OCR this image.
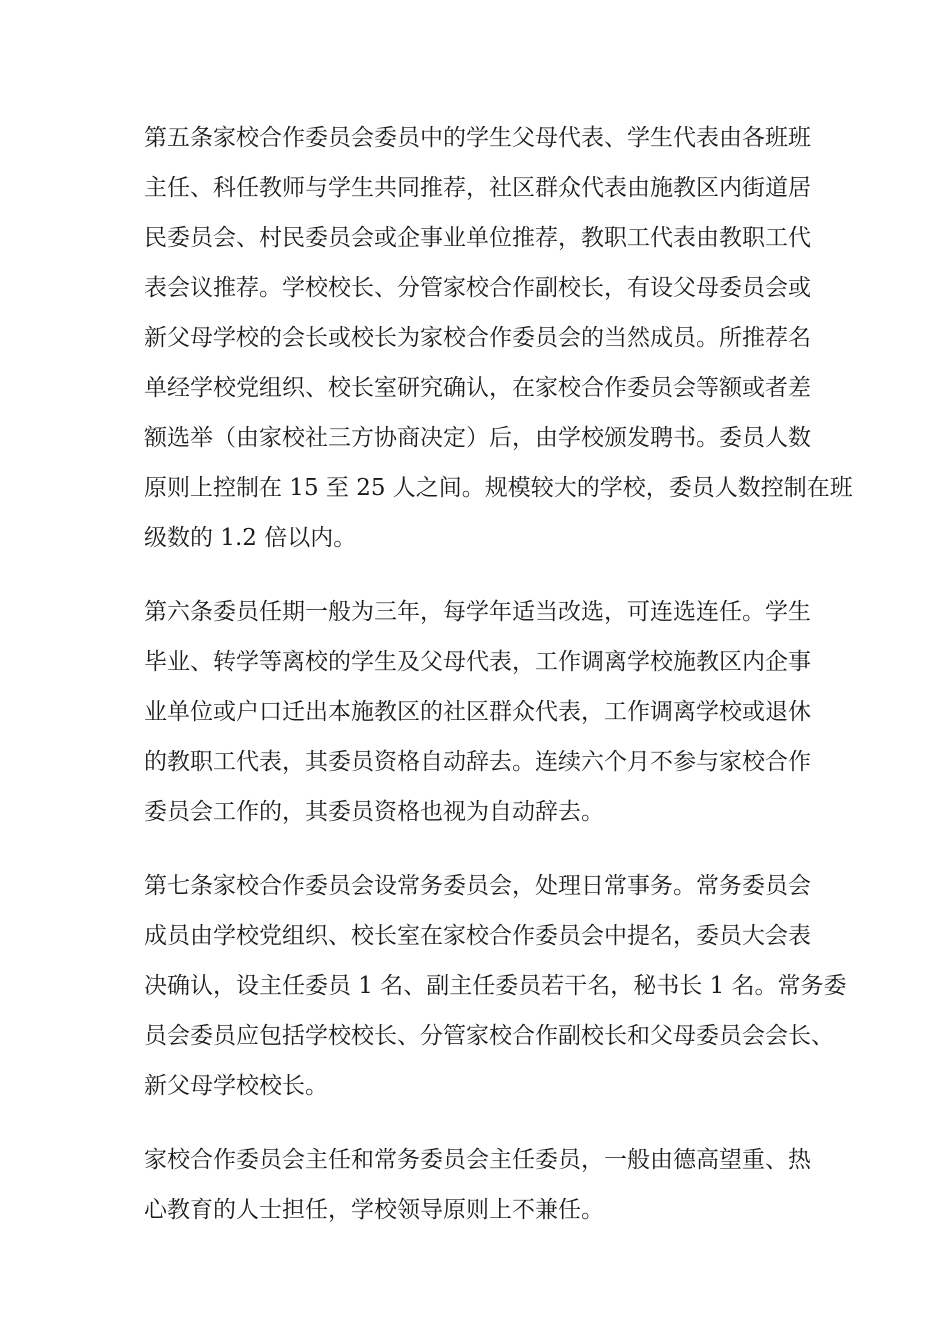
第五条家校合作委员会委员中的学生父母代表、学生代表由各班班
主任、科任教师与学生共同推荐，社区群众代表由施教区内街道居
民委员会、村民委员会或企事业单位推荐，教职工代表由教职工代
表会议推荐。学校校长、分管家校合作副校长，有设父母委员会或
新父母学校的会长或校长为家校合作委员会的当然成员。所推荐名
单经学校党组织、校长室研究确认，在家校合作委员会等额或者差
额选举（由家校社三方协商决定）后，由学校颁发聘书。委员人数
原则上控制在 15 至 25 人之间。规模较大的学校，委员人数控制在班
级数的 1.2 倍以内。
第六条委员任期一般为三年，每学年适当改选，可连选连任。学生
毕业、转学等离校的学生及父母代表，工作调离学校施教区内企事
业单位或户口迁出本施教区的社区群众代表，工作调离学校或退休
的教职工代表，其委员资格自动辞去。连续六个月不参与家校合作
委员会工作的，其委员资格也视为自动辞去。
第七条家校合作委员会设常务委员会，处理日常事务。常务委员会
成员由学校党组织、校长室在家校合作委员会中提名，委员大会表
决确认，设主任委员 1 名、副主任委员若干名，秘书长 1 名。常务委
员会委员应包括学校校长、分管家校合作副校长和父母委员会会长、
新父母学校校长。
家校合作委员会主任和常务委员会主任委员，一般由德高望重、热
心教育的人士担任，学校领导原则上不兼任。
